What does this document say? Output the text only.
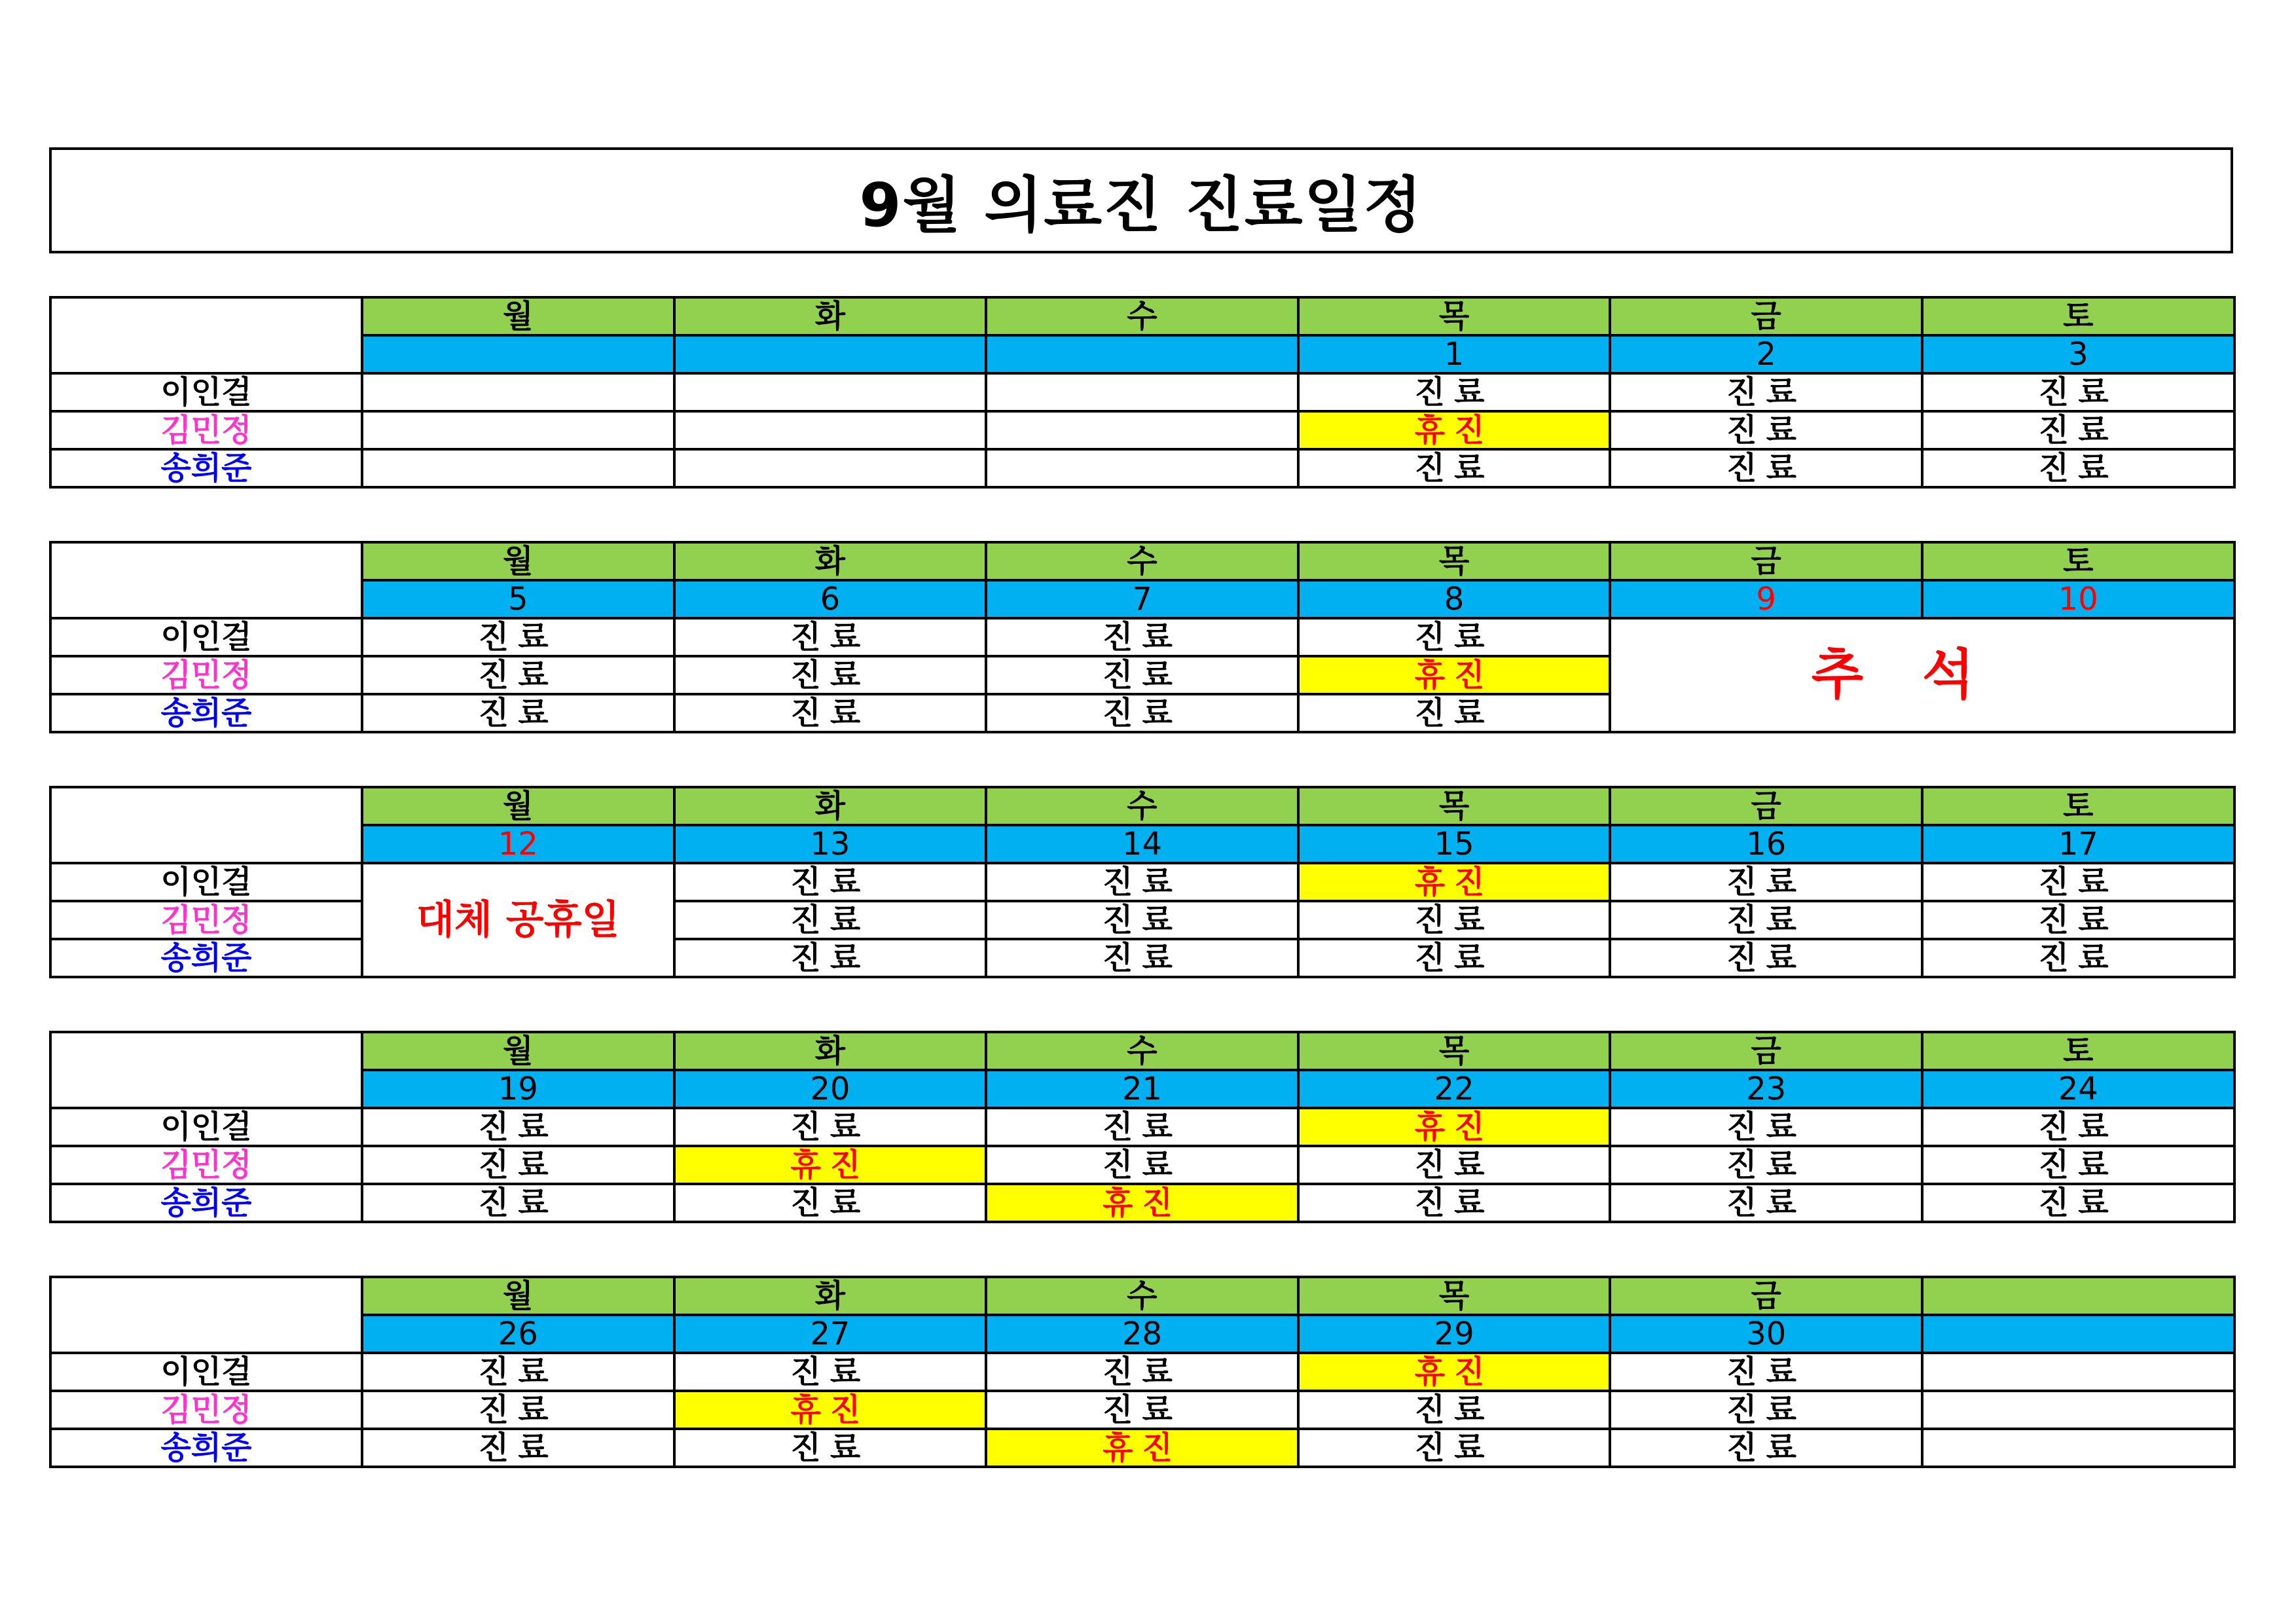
9월 의료진 진료일정
	월	화	수	목	금	토
				1	2	3
이인걸				진료	진료	진료
김민정				휴진	진료	진료
송희준				진료	진료	진료
	월	화	수	목	금	토
	5	6	7	8	9	10
이인걸	진료	진료	진료	진료	추석	
김민정	진료	진료	진료	휴진		
송희준	진료	진료	진료	진료		
	월	화	수	목	금	토
	12	13	14	15	16	17
이인걸	대체 공휴일	진료	진료	휴진	진료	진료
김민정		진료	진료	진료	진료	진료
송희준		진료	진료	진료	진료	진료
	월	화	수	목	금	토
	19	20	21	22	23	24
이인걸	진료	진료	진료	휴진	진료	진료
김민정	진료	휴진	진료	진료	진료	진료
송희준	진료	진료	휴진	진료	진료	진료
	월	화	수	목	금	
	26	27	28	29	30	
이인걸	진료	진료	진료	휴진	진료	
김민정	진료	휴진	진료	진료	진료	
송희준	진료	진료	휴진	진료	진료	
